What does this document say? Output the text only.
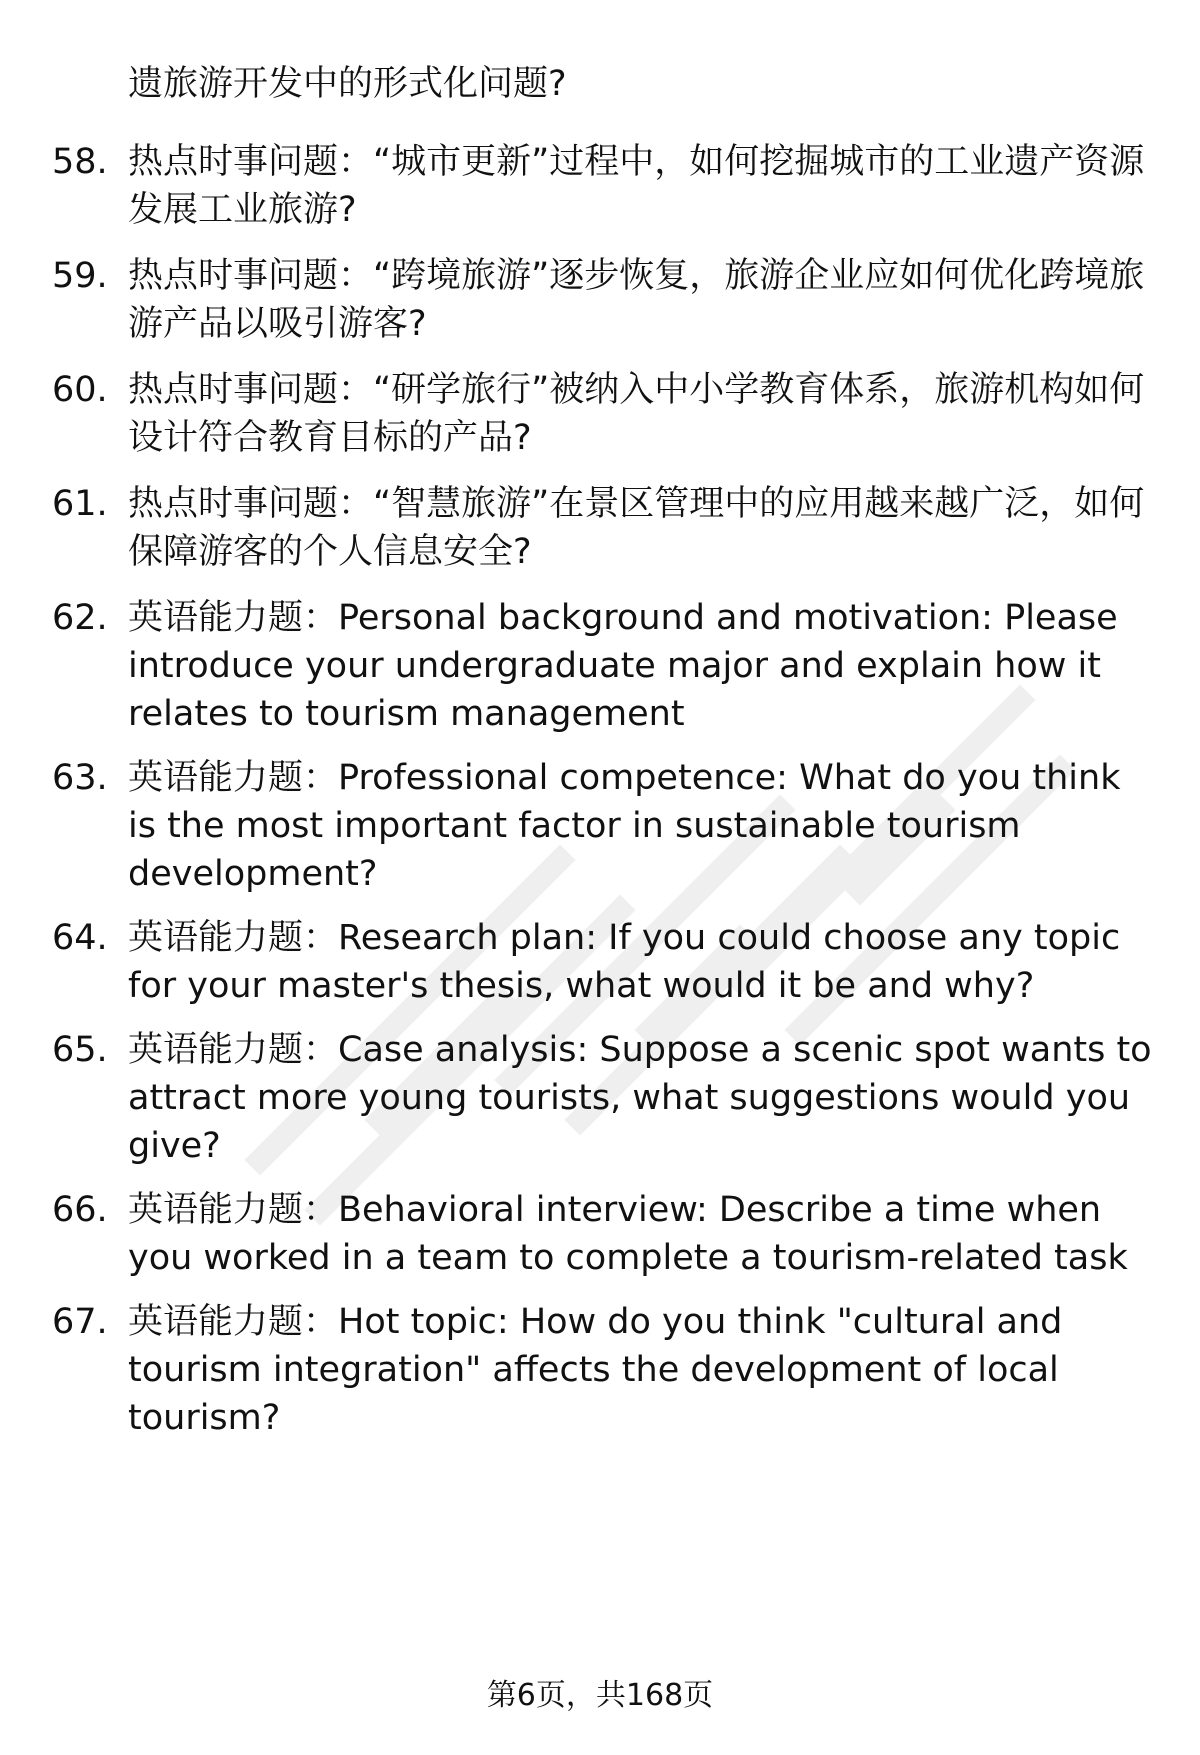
遗旅游开发中的形式化问题?
58. 热点时事问题：“城市更新”过程中，如何挖掘城市的工业遗产资源发展工业旅游?
59. 热点时事问题：“跨境旅游”逐步恢复，旅游企业应如何优化跨境旅游产品以吸引游客?
60. 热点时事问题：“研学旅行”被纳入中小学教育体系，旅游机构如何设计符合教育目标的产品?
61. 热点时事问题：“智慧旅游”在景区管理中的应用越来越广泛，如何保障游客的个人信息安全?
62. 英语能力题：Personal background and motivation: Please introduce your undergraduate major and explain how it relates to tourism management
63. 英语能力题：Professional competence: What do you think is the most important factor in sustainable tourism development?
64. 英语能力题：Research plan: If you could choose any topic for your master's thesis, what would it be and why?
65. 英语能力题：Case analysis: Suppose a scenic spot wants to attract more young tourists, what suggestions would you give?
66. 英语能力题：Behavioral interview: Describe a time when you worked in a team to complete a tourism-related task
67. 英语能力题：Hot topic: How do you think "cultural and tourism integration" affects the development of local tourism?
第6页，共168页
